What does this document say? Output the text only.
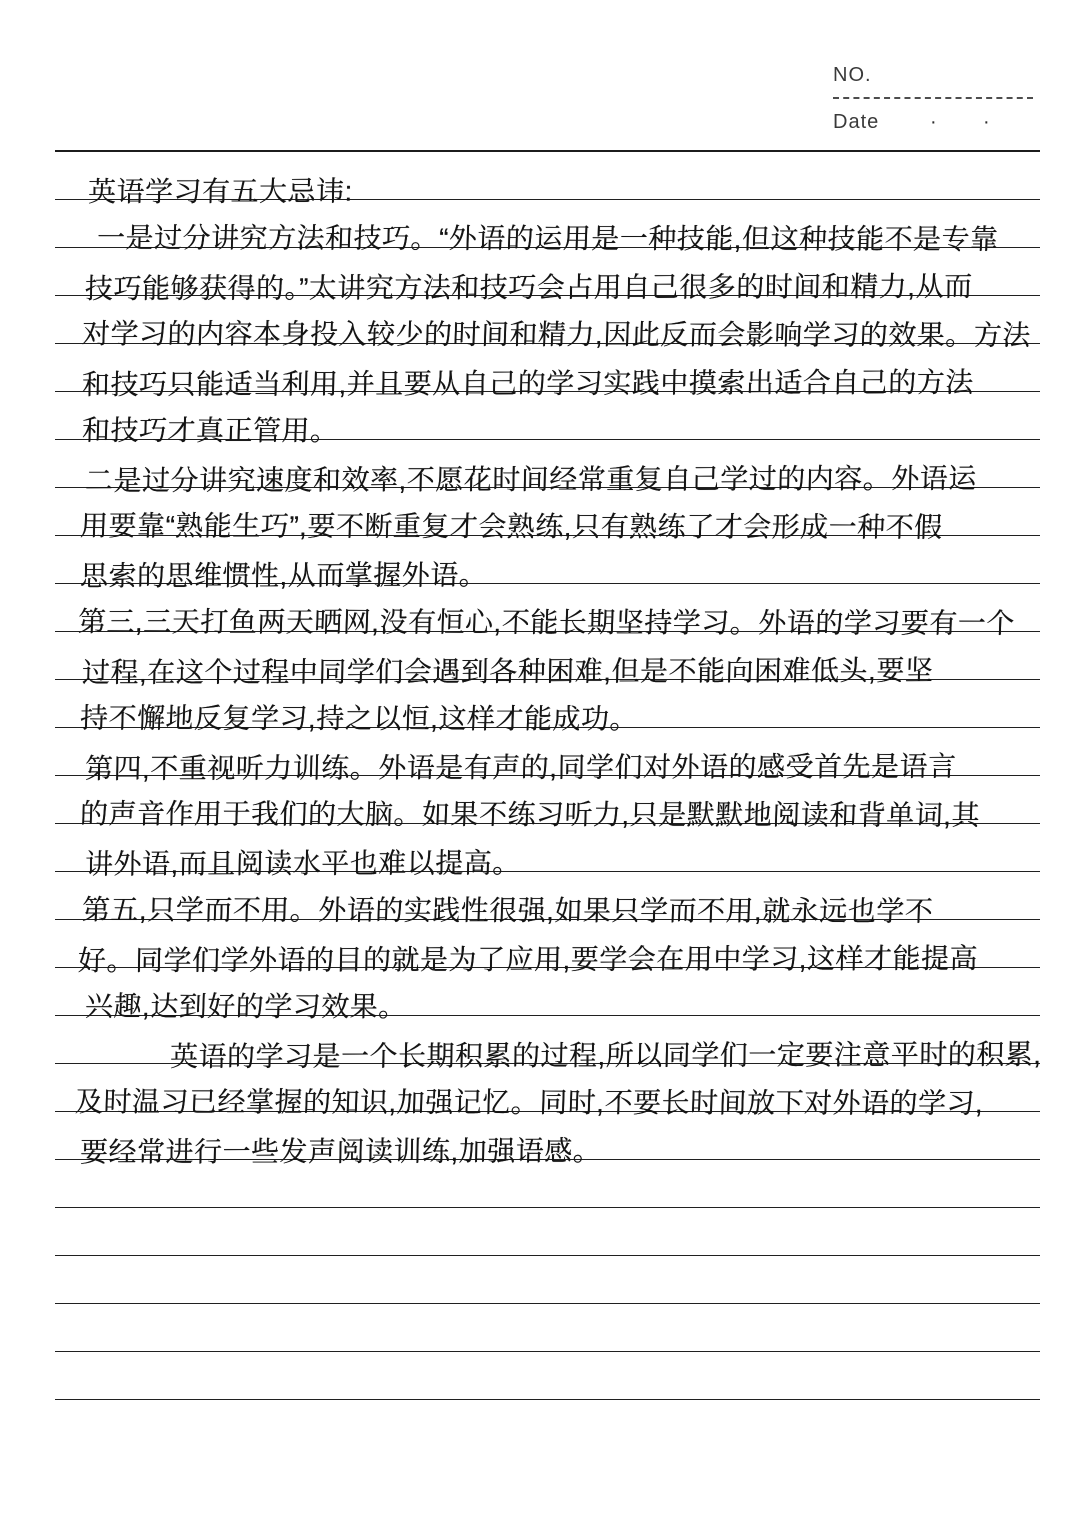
NO.
Date	· ·
英语学习有五大忌讳:
一是过分讲究方法和技巧。“外语的运用是一种技能,但这种技能不是专靠
技巧能够获得的。”太讲究方法和技巧会占用自己很多的时间和精力,从而
对学习的内容本身投入较少的时间和精力,因此反而会影响学习的效果。方法
和技巧只能适当利用,并且要从自己的学习实践中摸索出适合自己的方法
和技巧才真正管用。
二是过分讲究速度和效率,不愿花时间经常重复自己学过的内容。外语运
用要靠“熟能生巧”,要不断重复才会熟练,只有熟练了才会形成一种不假
思索的思维惯性,从而掌握外语。
第三,三天打鱼两天晒网,没有恒心,不能长期坚持学习。外语的学习要有一个
过程,在这个过程中同学们会遇到各种困难,但是不能向困难低头,要坚
持不懈地反复学习,持之以恒,这样才能成功。
第四,不重视听力训练。外语是有声的,同学们对外语的感受首先是语言
的声音作用于我们的大脑。如果不练习听力,只是默默地阅读和背单词,其
讲外语,而且阅读水平也难以提高。
第五,只学而不用。外语的实践性很强,如果只学而不用,就永远也学不
好。同学们学外语的目的就是为了应用,要学会在用中学习,这样才能提高
兴趣,达到好的学习效果。
英语的学习是一个长期积累的过程,所以同学们一定要注意平时的积累,
及时温习已经掌握的知识,加强记忆。同时,不要长时间放下对外语的学习,
要经常进行一些发声阅读训练,加强语感。
